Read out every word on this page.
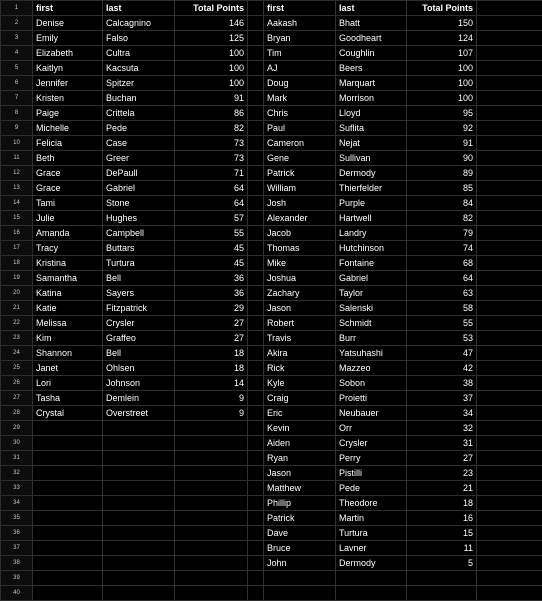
1	first	last	Total Points		first	last	Total Points	
2	Denise	Calcagnino	146		Aakash	Bhatt	150	
3	Emily	Falso	125		Bryan	Goodheart	124	
4	Elizabeth	Cultra	100		Tim	Coughlin	107	
5	Kaitlyn	Kacsuta	100		AJ	Beers	100	
6	Jennifer	Spitzer	100		Doug	Marquart	100	
7	Kristen	Buchan	91		Mark	Morrison	100	
8	Paige	Crittela	86		Chris	Lloyd	95	
9	Michelle	Pede	82		Paul	Suflita	92	
10	Felicia	Case	73		Cameron	Nejat	91	
11	Beth	Greer	73		Gene	Sullivan	90	
12	Grace	DePaull	71		Patrick	Dermody	89	
13	Grace	Gabriel	64		William	Thierfelder	85	
14	Tami	Stone	64		Josh	Purple	84	
15	Julie	Hughes	57		Alexander	Hartwell	82	
16	Amanda	Campbell	55		Jacob	Landry	79	
17	Tracy	Buttars	45		Thomas	Hutchinson	74	
18	Kristina	Turtura	45		Mike	Fontaine	68	
19	Samantha	Bell	36		Joshua	Gabriel	64	
20	Katina	Sayers	36		Zachary	Taylor	63	
21	Katie	Fitzpatrick	29		Jason	Salenski	58	
22	Melissa	Crysler	27		Robert	Schmidt	55	
23	Kim	Graffeo	27		Travis	Burr	53	
24	Shannon	Bell	18		Akira	Yatsuhashi	47	
25	Janet	Ohlsen	18		Rick	Mazzeo	42	
26	Lori	Johnson	14		Kyle	Sobon	38	
27	Tasha	Demlein	9		Craig	Proietti	37	
28	Crystal	Overstreet	9		Eric	Neubauer	34	
29					Kevin	Orr	32	
30					Aiden	Crysler	31	
31					Ryan	Perry	27	
32					Jason	Pistilli	23	
33					Matthew	Pede	21	
34					Phillip	Theodore	18	
35					Patrick	Martin	16	
36					Dave	Turtura	15	
37					Bruce	Lavner	11	
38					John	Dermody	5	
39								
40								
